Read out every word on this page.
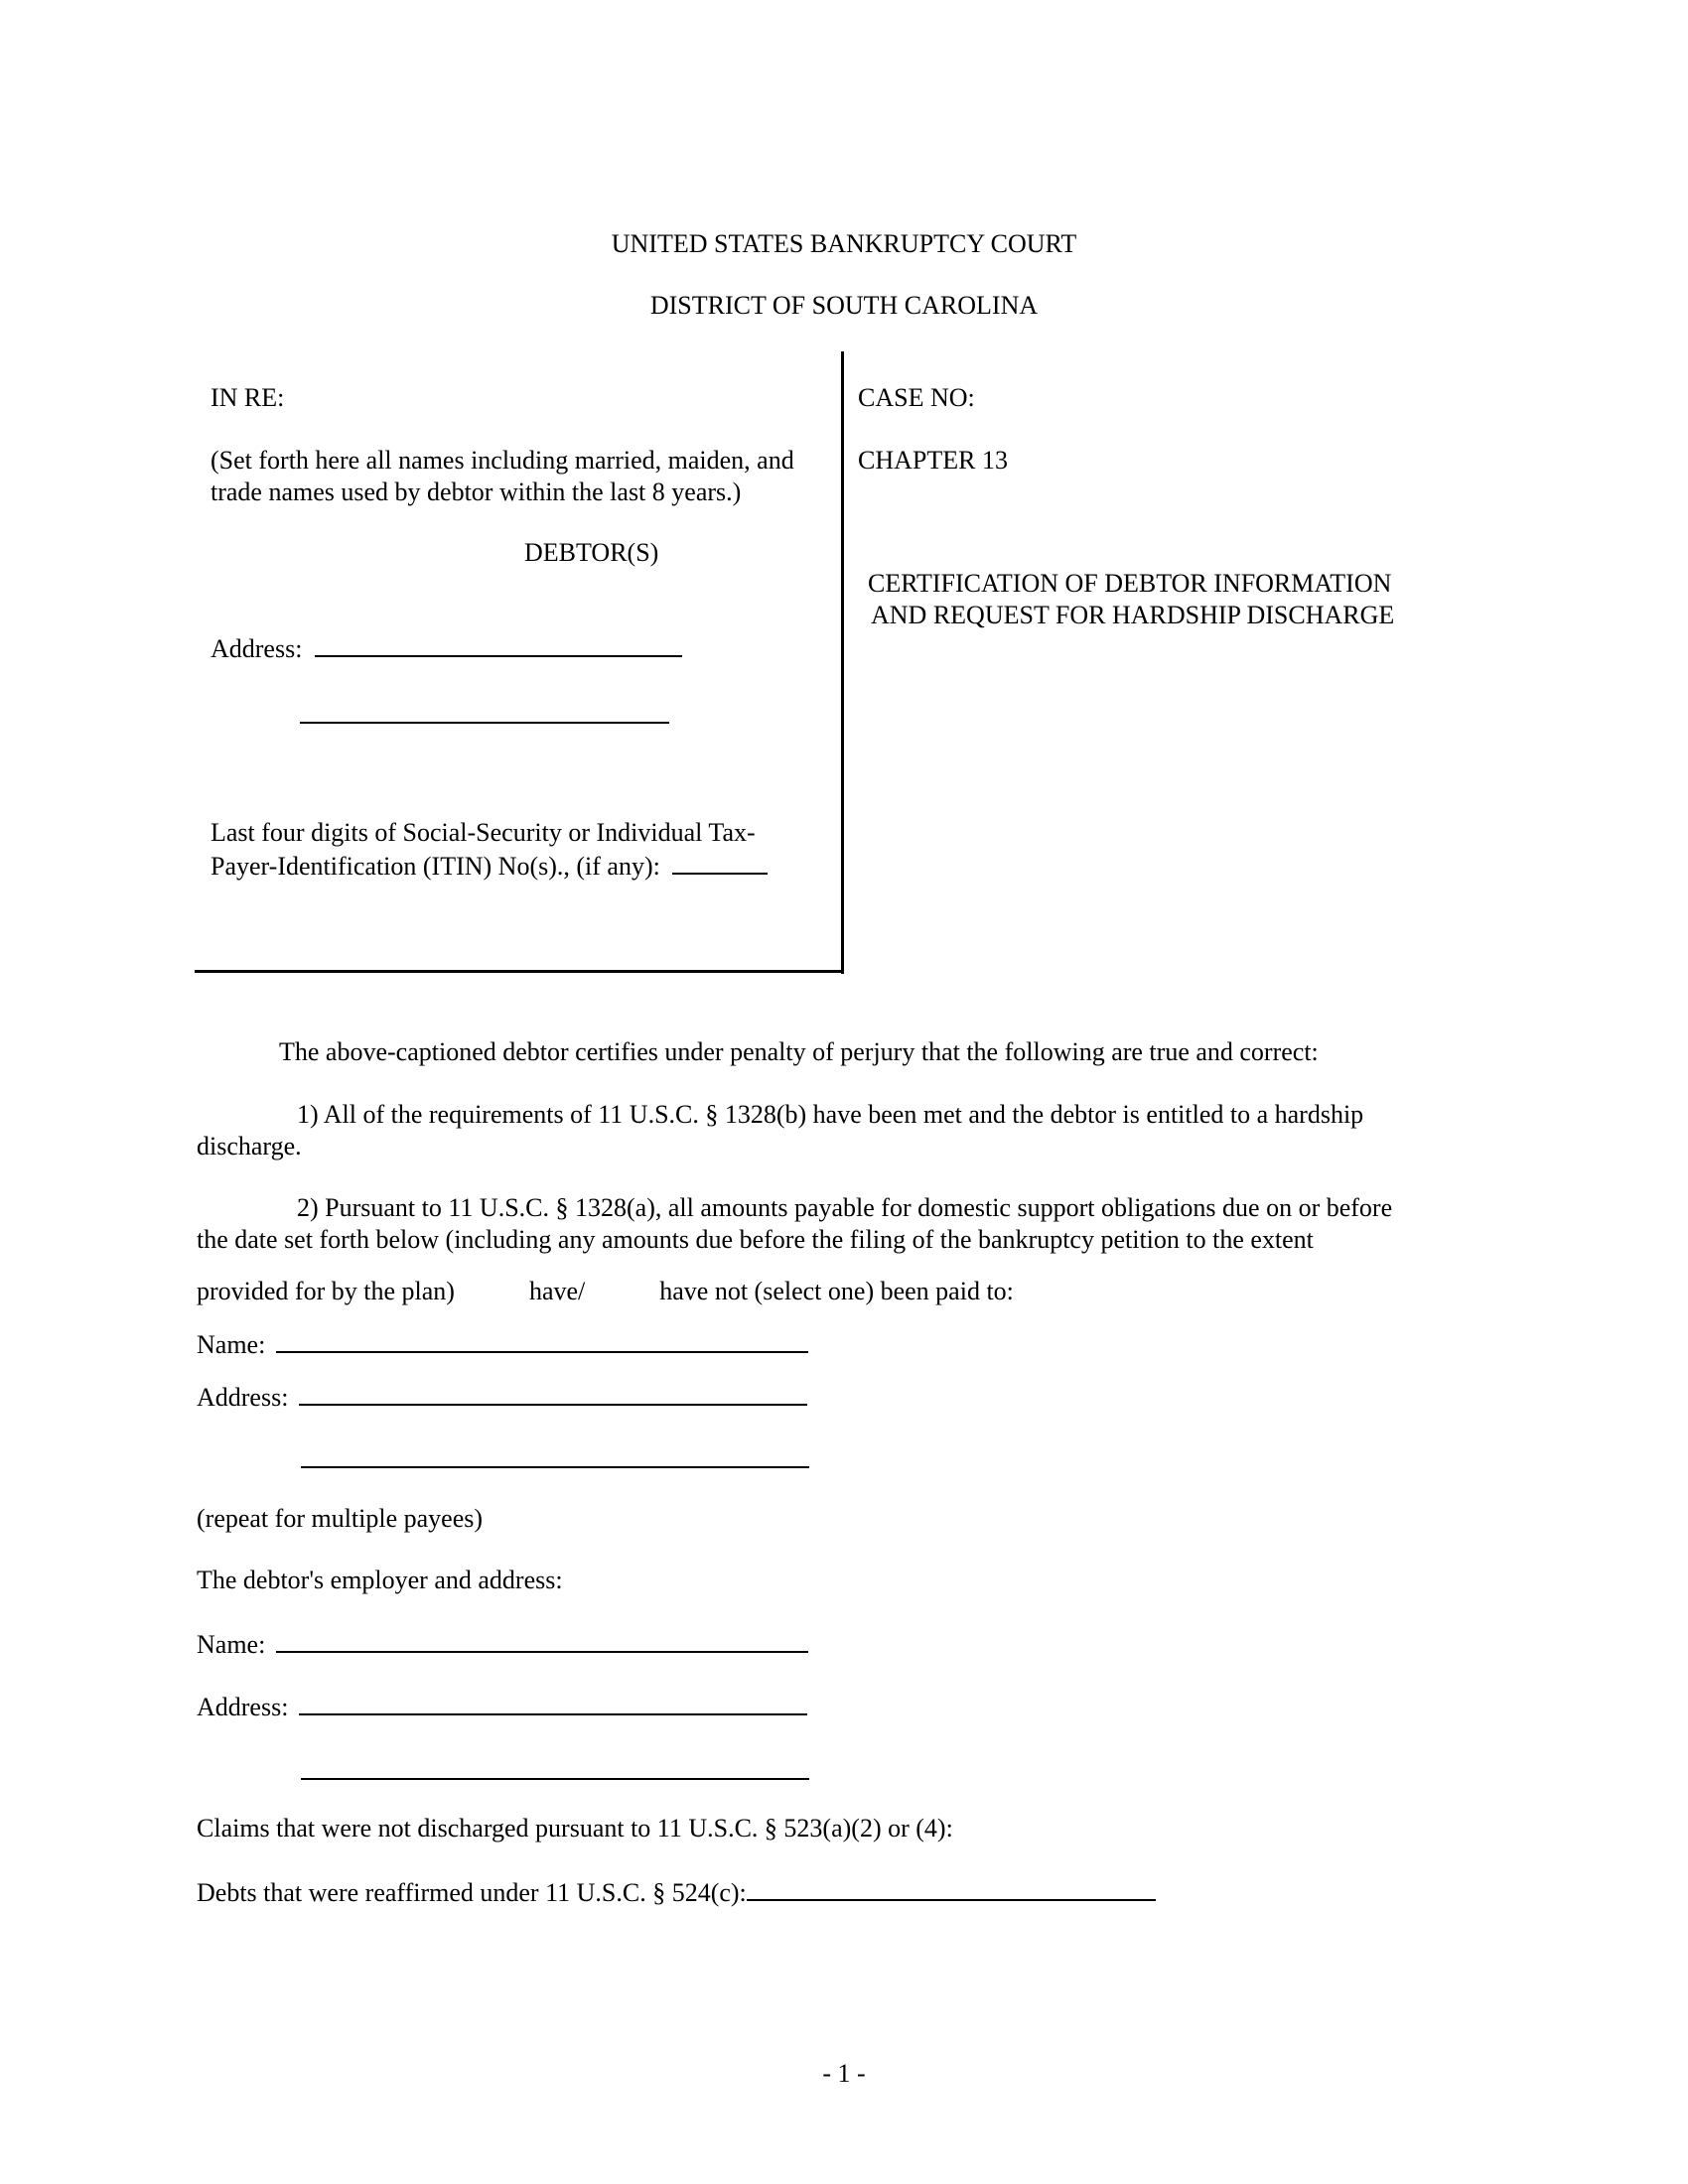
UNITED STATES BANKRUPTCY COURT
DISTRICT OF SOUTH CAROLINA
IN RE:
(Set forth here all names including married, maiden, and
trade names used by debtor within the last 8 years.)
DEBTOR(S)
Address:
Last four digits of Social-Security or Individual Tax-
Payer-Identification (ITIN) No(s)., (if any):
CASE NO:
CHAPTER 13
CERTIFICATION OF DEBTOR INFORMATION
AND REQUEST FOR HARDSHIP DISCHARGE
The above-captioned debtor certifies under penalty of perjury that the following are true and correct:
1) All of the requirements of 11 U.S.C. § 1328(b) have been met and the debtor is entitled to a hardship
discharge.
2) Pursuant to 11 U.S.C. § 1328(a), all amounts payable for domestic support obligations due on or before
the date set forth below (including any amounts due before the filing of the bankruptcy petition to the extent
provided for by the plan)	have/	have not (select one) been paid to:
Name:
Address:
(repeat for multiple payees)
The debtor's employer and address:
Name:
Address:
Claims that were not discharged pursuant to 11 U.S.C. § 523(a)(2) or (4):
Debts that were reaffirmed under 11 U.S.C. § 524(c):
- 1 -
